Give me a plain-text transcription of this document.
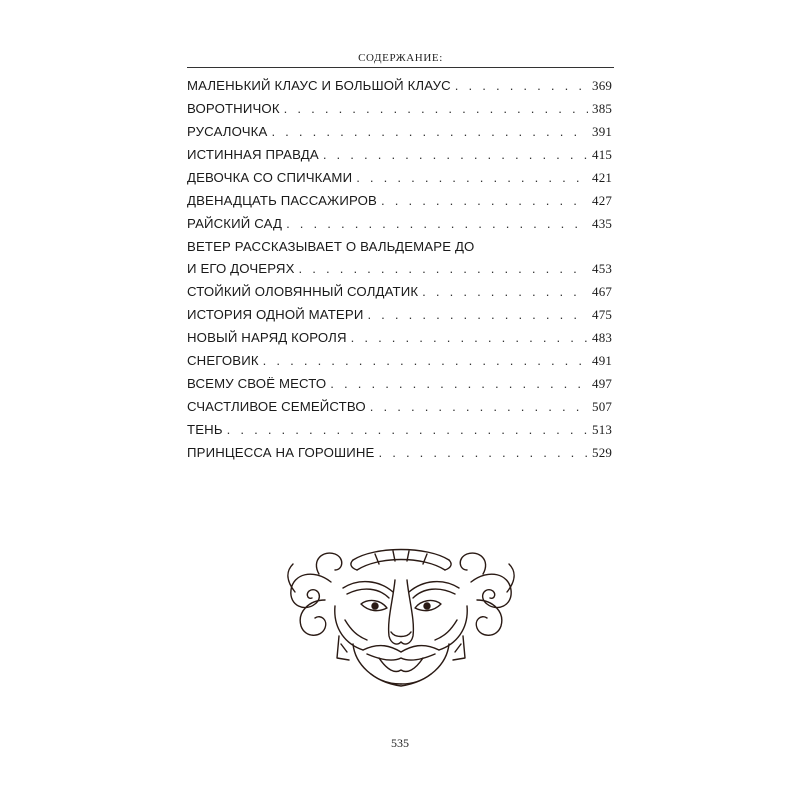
СОДЕРЖАНИЕ:
МАЛЕНЬКИЙ КЛАУС И БОЛЬШОЙ КЛАУС . . .	369
ВОРОТНИЧОК . . .	385
РУСАЛОЧКА . . .	391
ИСТИННАЯ ПРАВДА . . .	415
ДЕВОЧКА СО СПИЧКАМИ . . .	421
ДВЕНАДЦАТЬ ПАССАЖИРОВ . . .	427
РАЙСКИЙ САД . . .	435
ВЕТЕР РАССКАЗЫВАЕТ О ВАЛЬДЕМАРЕ ДО
И ЕГО ДОЧЕРЯХ . . .	453
СТОЙКИЙ ОЛОВЯННЫЙ СОЛДАТИК . . .	467
ИСТОРИЯ ОДНОЙ МАТЕРИ . . .	475
НОВЫЙ НАРЯД КОРОЛЯ . . .	483
СНЕГОВИК . . .	491
ВСЕМУ СВОЁ МЕСТО . . .	497
СЧАСТЛИВОЕ СЕМЕЙСТВО . . .	507
ТЕНЬ . . .	513
ПРИНЦЕССА НА ГОРОШИНЕ . . .	529
535
